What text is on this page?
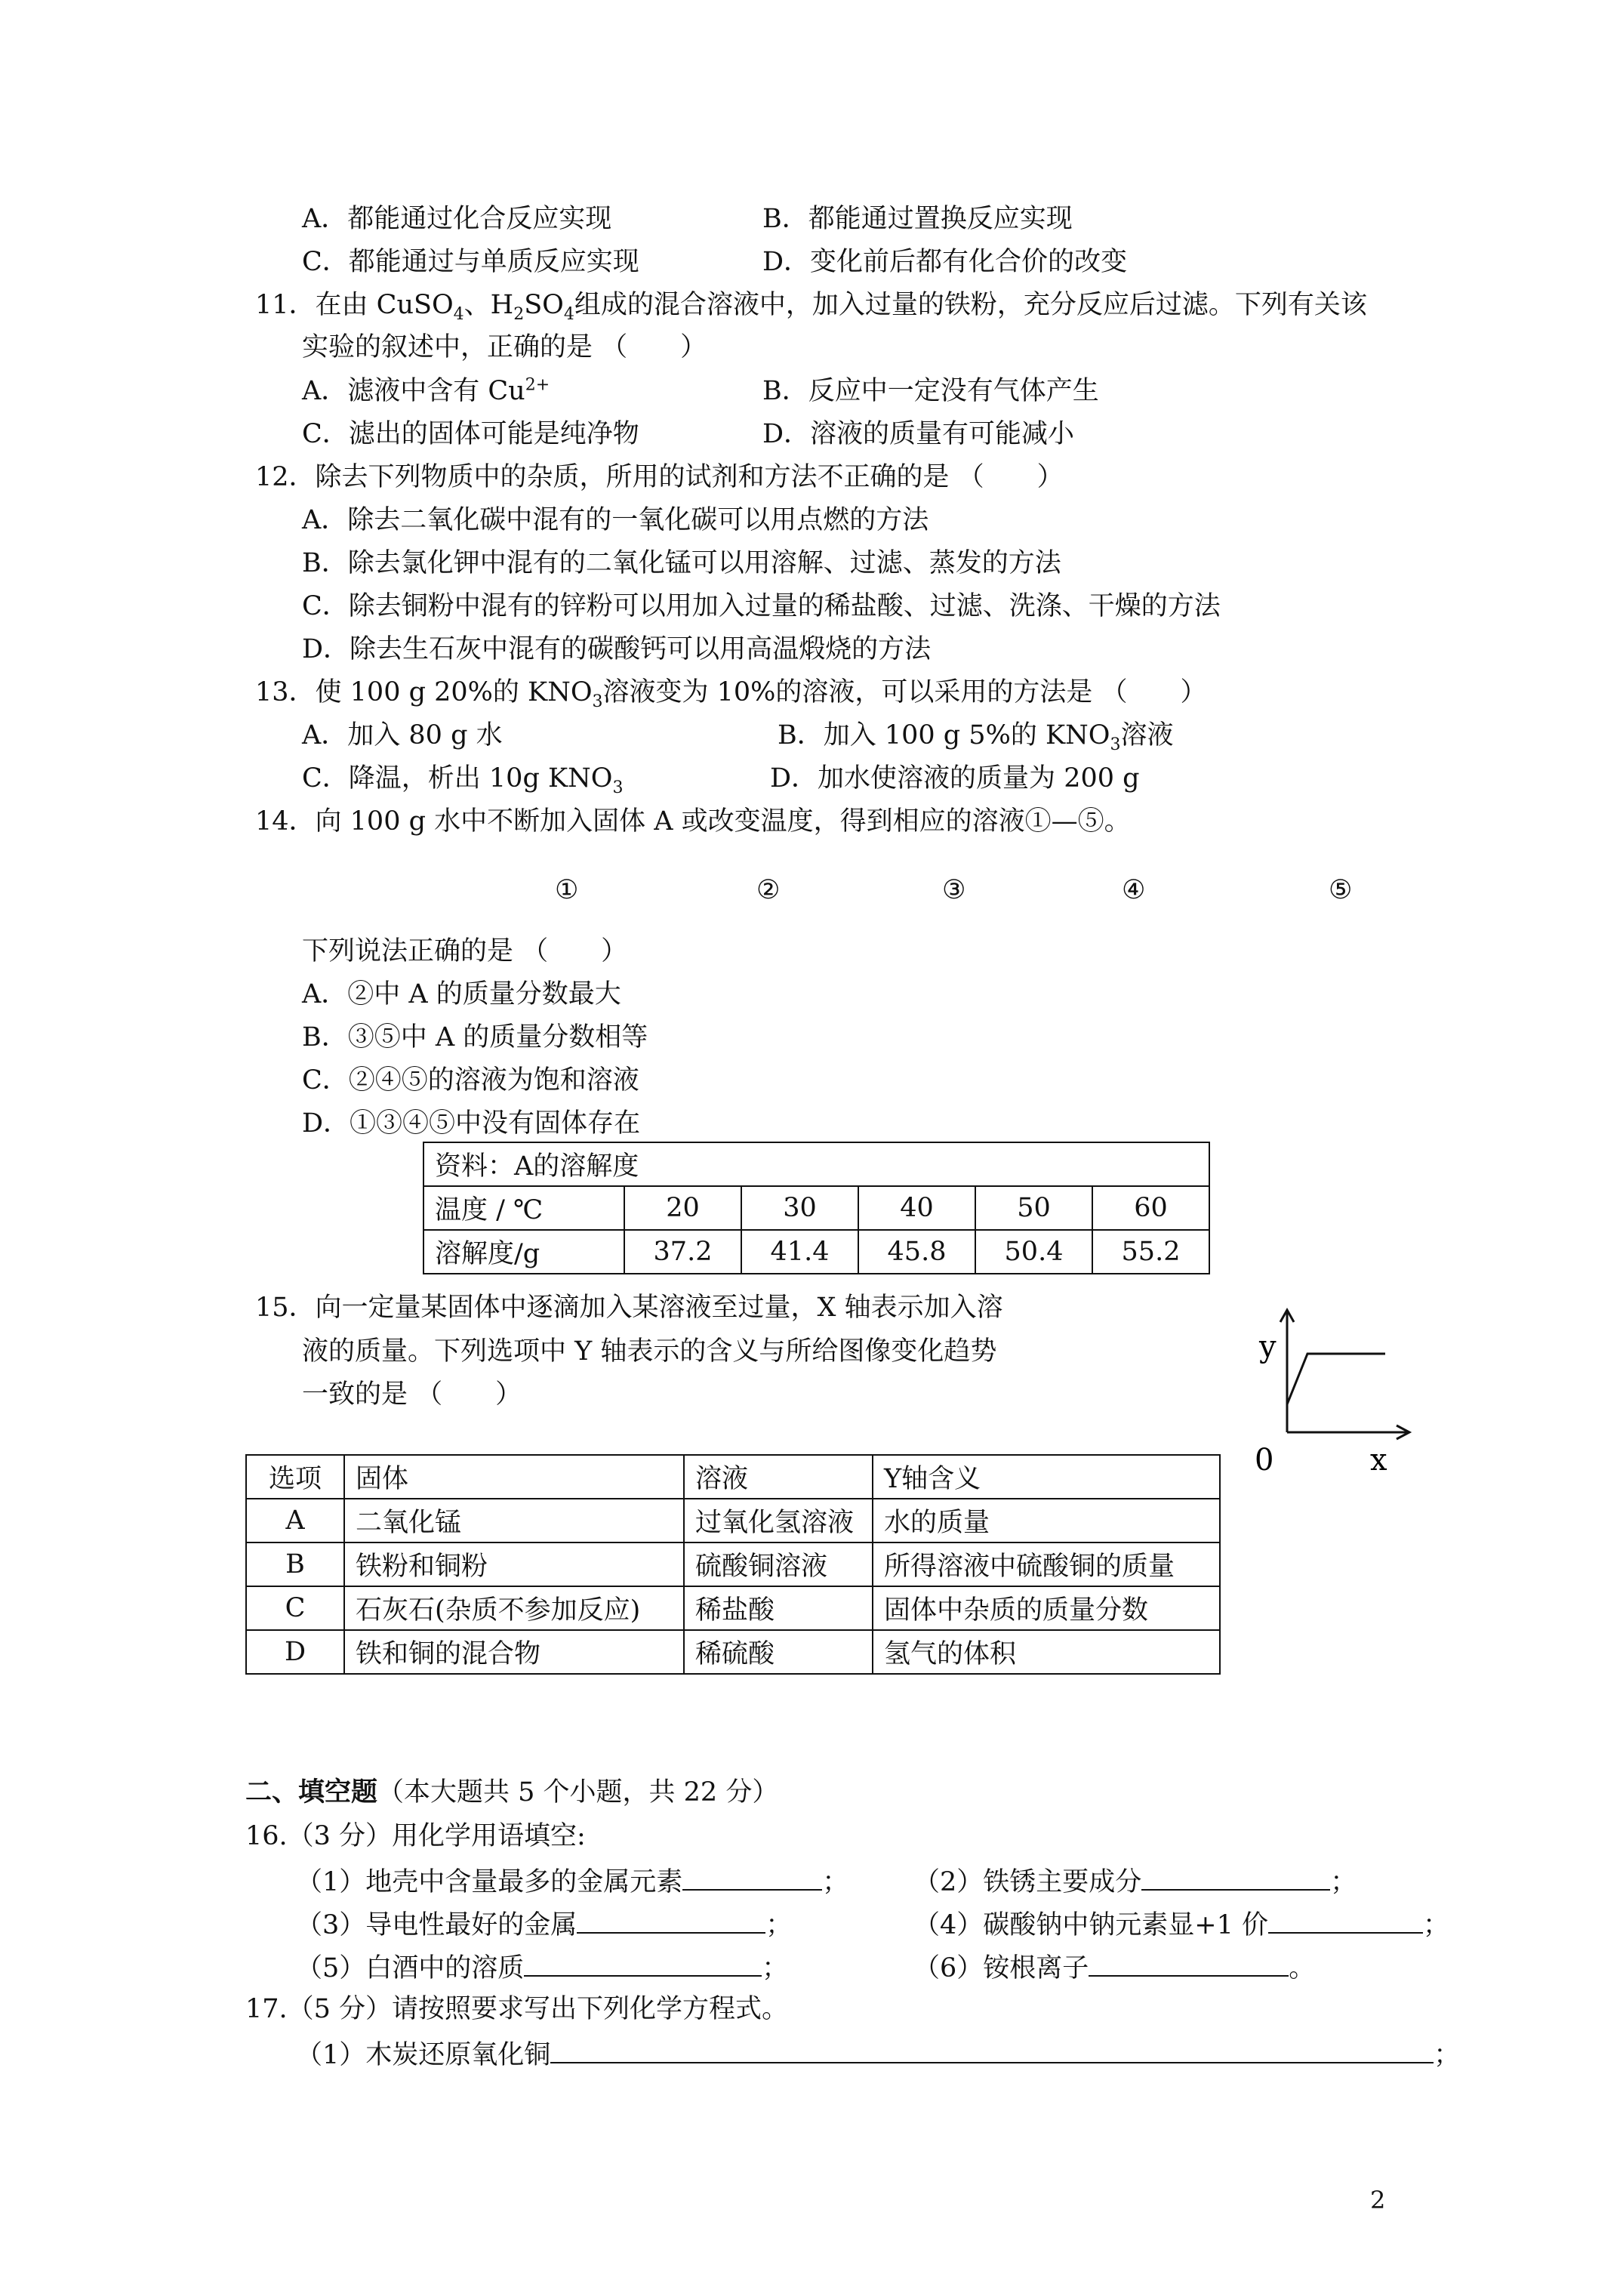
A．都能通过化合反应实现	B．都能通过置换反应实现
C．都能通过与单质反应实现	D．变化前后都有化合价的改变
11．在由 CuSO$_4$、$H_2SO_4$组成的混合溶液中，加入过量的铁粉，充分反应后过滤。下列有关该
实验的叙述中，正确的是 （　　）
A．滤液中含有 $Cu^{2+}$	B．反应中一定没有气体产生
C．滤出的固体可能是纯净物	D．溶液的质量有可能减小
12．除去下列物质中的杂质，所用的试剂和方法不正确的是 （　　）
A．除去二氧化碳中混有的一氧化碳可以用点燃的方法
B．除去氯化钾中混有的二氧化锰可以用溶解、过滤、蒸发的方法
C．除去铜粉中混有的锌粉可以用加入过量的稀盐酸、过滤、洗涤、干燥的方法
D．除去生石灰中混有的碳酸钙可以用高温煅烧的方法
13．使 100 g 20%的 $KNO_3$溶液变为 10%的溶液，可以采用的方法是 （　　）
A．加入 80 g 水	B．加入 100 g 5%的 $KNO_3$溶液
C．降温，析出 10g $KNO_3$	D．加水使溶液的质量为 200 g
14．向 100 g 水中不断加入固体 A 或改变温度，得到相应的溶液①—⑤。
①	②	③	④	⑤
下列说法正确的是 （　　）
A．②中 A 的质量分数最大
B．③⑤中 A 的质量分数相等
C．②④⑤的溶液为饱和溶液
D．①③④⑤中没有固体存在
资料：A的溶解度					
温度 / ℃	20	30	40	50	60
溶解度/g	37.2	41.4	45.8	50.4	55.2
15．向一定量某固体中逐滴加入某溶液至过量，X 轴表示加入溶
液的质量。下列选项中 Y 轴表示的含义与所给图像变化趋势
一致的是 （　　）
y
0	x
选项	固体	溶液	Y轴含义
A	二氧化锰	过氧化氢溶液	水的质量
B	铁粉和铜粉	硫酸铜溶液	所得溶液中硫酸铜的质量
C	石灰石(杂质不参加反应)	稀盐酸	固体中杂质的质量分数
D	铁和铜的混合物	稀硫酸	氢气的体积
二、填空题（本大题共 5 个小题，共 22 分）
16.（3 分）用化学用语填空:
（1）地壳中含量最多的金属元素	； （2）铁锈主要成分	；
（3）导电性最好的金属	；	（4）碳酸钠中钠元素显+1 价	；
（5）白酒中的溶质	；	（6）铵根离子	。
17.（5 分）请按照要求写出下列化学方程式。
（1）木炭还原氧化铜	；
2
